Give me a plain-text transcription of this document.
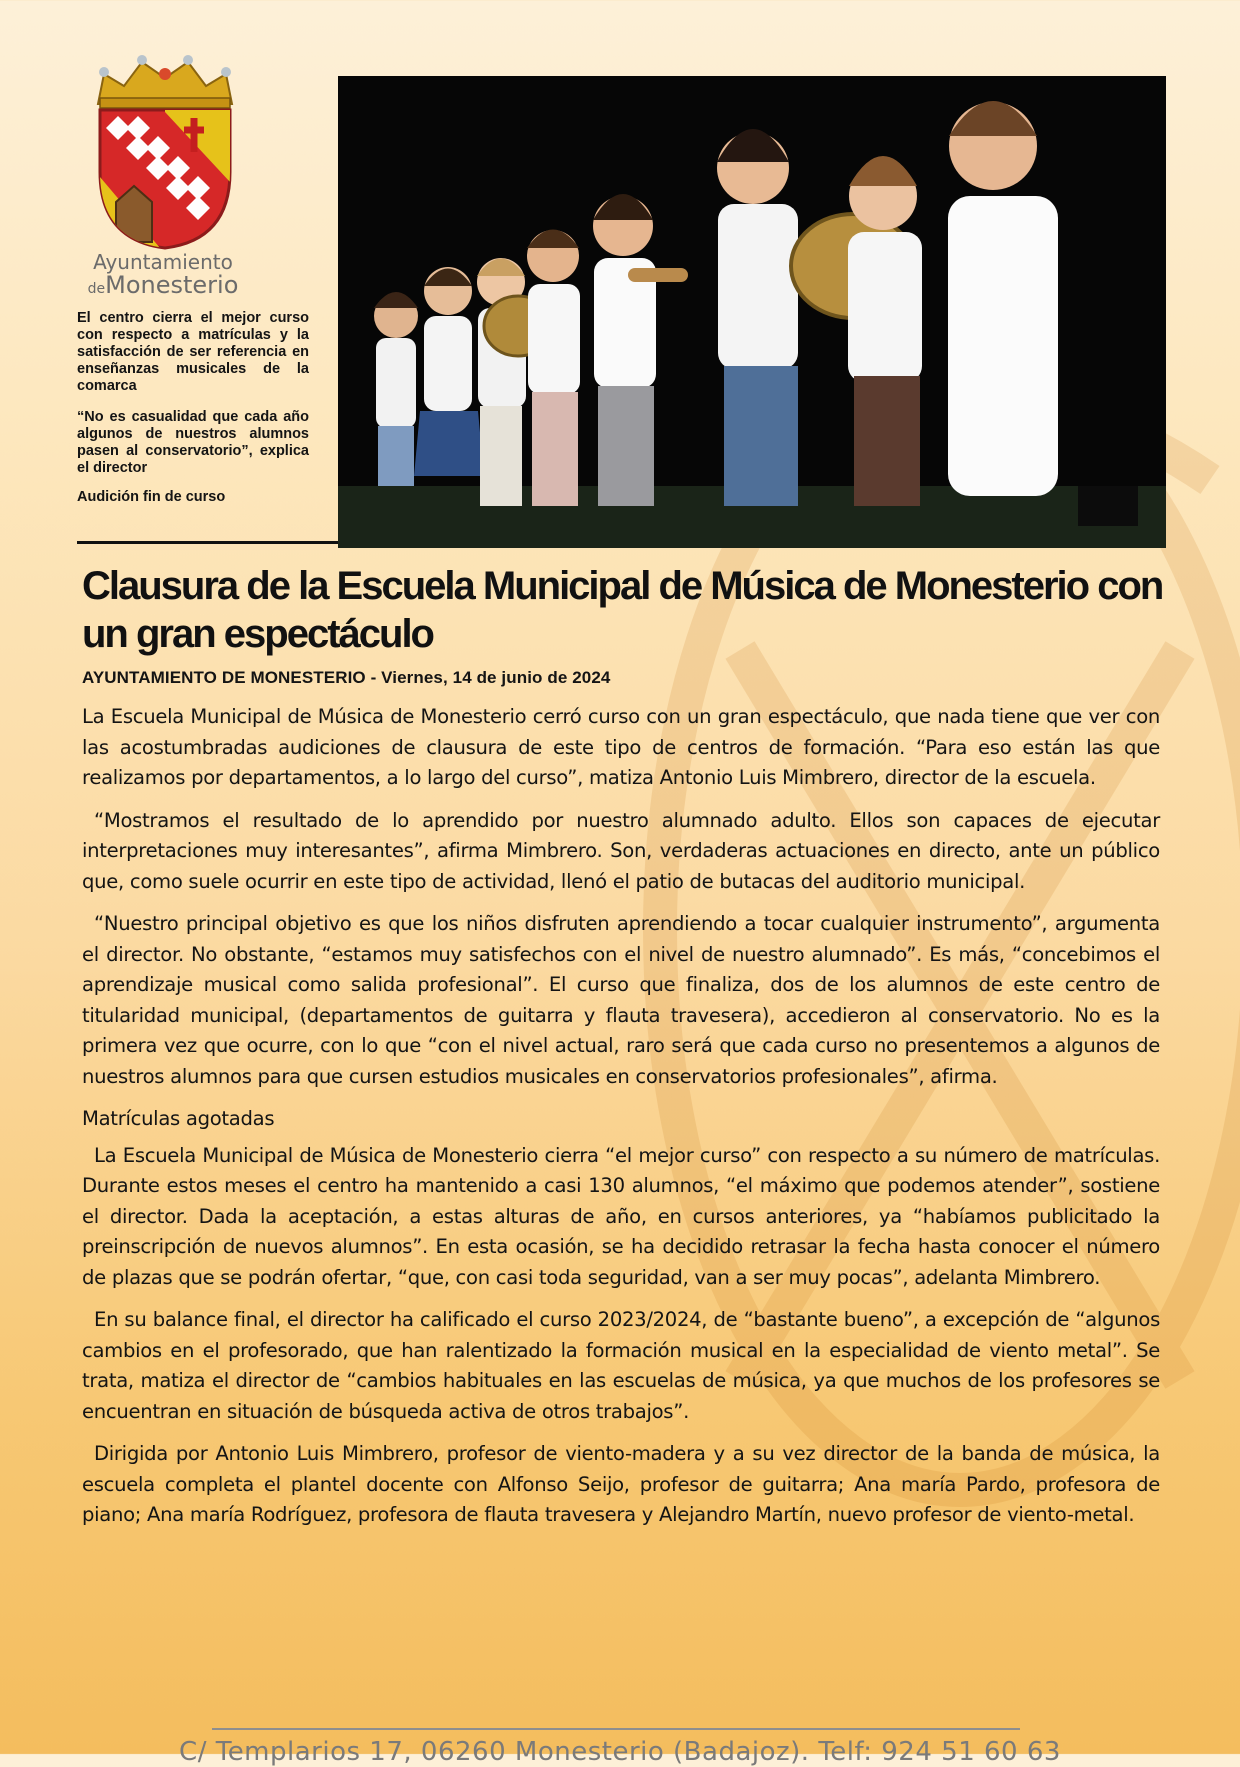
Ayuntamiento
deMonesterio

El centro cierra el mejor curso con respecto a matrículas y la satisfacción de ser referencia en enseñanzas musicales de la comarca

“No es casualidad que cada año algunos de nuestros alumnos pasen al conservatorio”, explica el director

Audición fin de curso

Clausura de la Escuela Municipal de Música de Monesterio con un gran espectáculo
AYUNTAMIENTO DE MONESTERIO - Viernes, 14 de junio de 2024

La Escuela Municipal de Música de Monesterio cerró curso con un gran espectáculo, que nada tiene que ver con las acostumbradas audiciones de clausura de este tipo de centros de formación. “Para eso están las que realizamos por departamentos, a lo largo del curso”, matiza Antonio Luis Mimbrero, director de la escuela.

“Mostramos el resultado de lo aprendido por nuestro alumnado adulto. Ellos son capaces de ejecutar interpretaciones muy interesantes”, afirma Mimbrero. Son, verdaderas actuaciones en directo, ante un público que, como suele ocurrir en este tipo de actividad, llenó el patio de butacas del auditorio municipal.

“Nuestro principal objetivo es que los niños disfruten aprendiendo a tocar cualquier instrumento”, argumenta el director. No obstante, “estamos muy satisfechos con el nivel de nuestro alumnado”. Es más, “concebimos el aprendizaje musical como salida profesional”. El curso que finaliza, dos de los alumnos de este centro de titularidad municipal, (departamentos de guitarra y flauta travesera), accedieron al conservatorio. No es la primera vez que ocurre, con lo que “con el nivel actual, raro será que cada curso no presentemos a algunos de nuestros alumnos para que cursen estudios musicales en conservatorios profesionales”, afirma.

Matrículas agotadas

La Escuela Municipal de Música de Monesterio cierra “el mejor curso” con respecto a su número de matrículas. Durante estos meses el centro ha mantenido a casi 130 alumnos, “el máximo que podemos atender”, sostiene el director. Dada la aceptación, a estas alturas de año, en cursos anteriores, ya “habíamos publicitado la preinscripción de nuevos alumnos”. En esta ocasión, se ha decidido retrasar la fecha hasta conocer el número de plazas que se podrán ofertar, “que, con casi toda seguridad, van a ser muy pocas”, adelanta Mimbrero.

En su balance final, el director ha calificado el curso 2023/2024, de “bastante bueno”, a excepción de “algunos cambios en el profesorado, que han ralentizado la formación musical en la especialidad de viento metal”. Se trata, matiza el director de “cambios habituales en las escuelas de música, ya que muchos de los profesores se encuentran en situación de búsqueda activa de otros trabajos”.

Dirigida por Antonio Luis Mimbrero, profesor de viento-madera y a su vez director de la banda de música, la escuela completa el plantel docente con Alfonso Seijo, profesor de guitarra; Ana maría Pardo, profesora de piano; Ana maría Rodríguez, profesora de flauta travesera y Alejandro Martín, nuevo profesor de viento-metal.

C/ Templarios 17, 06260 Monesterio (Badajoz). Telf: 924 51 60 63
